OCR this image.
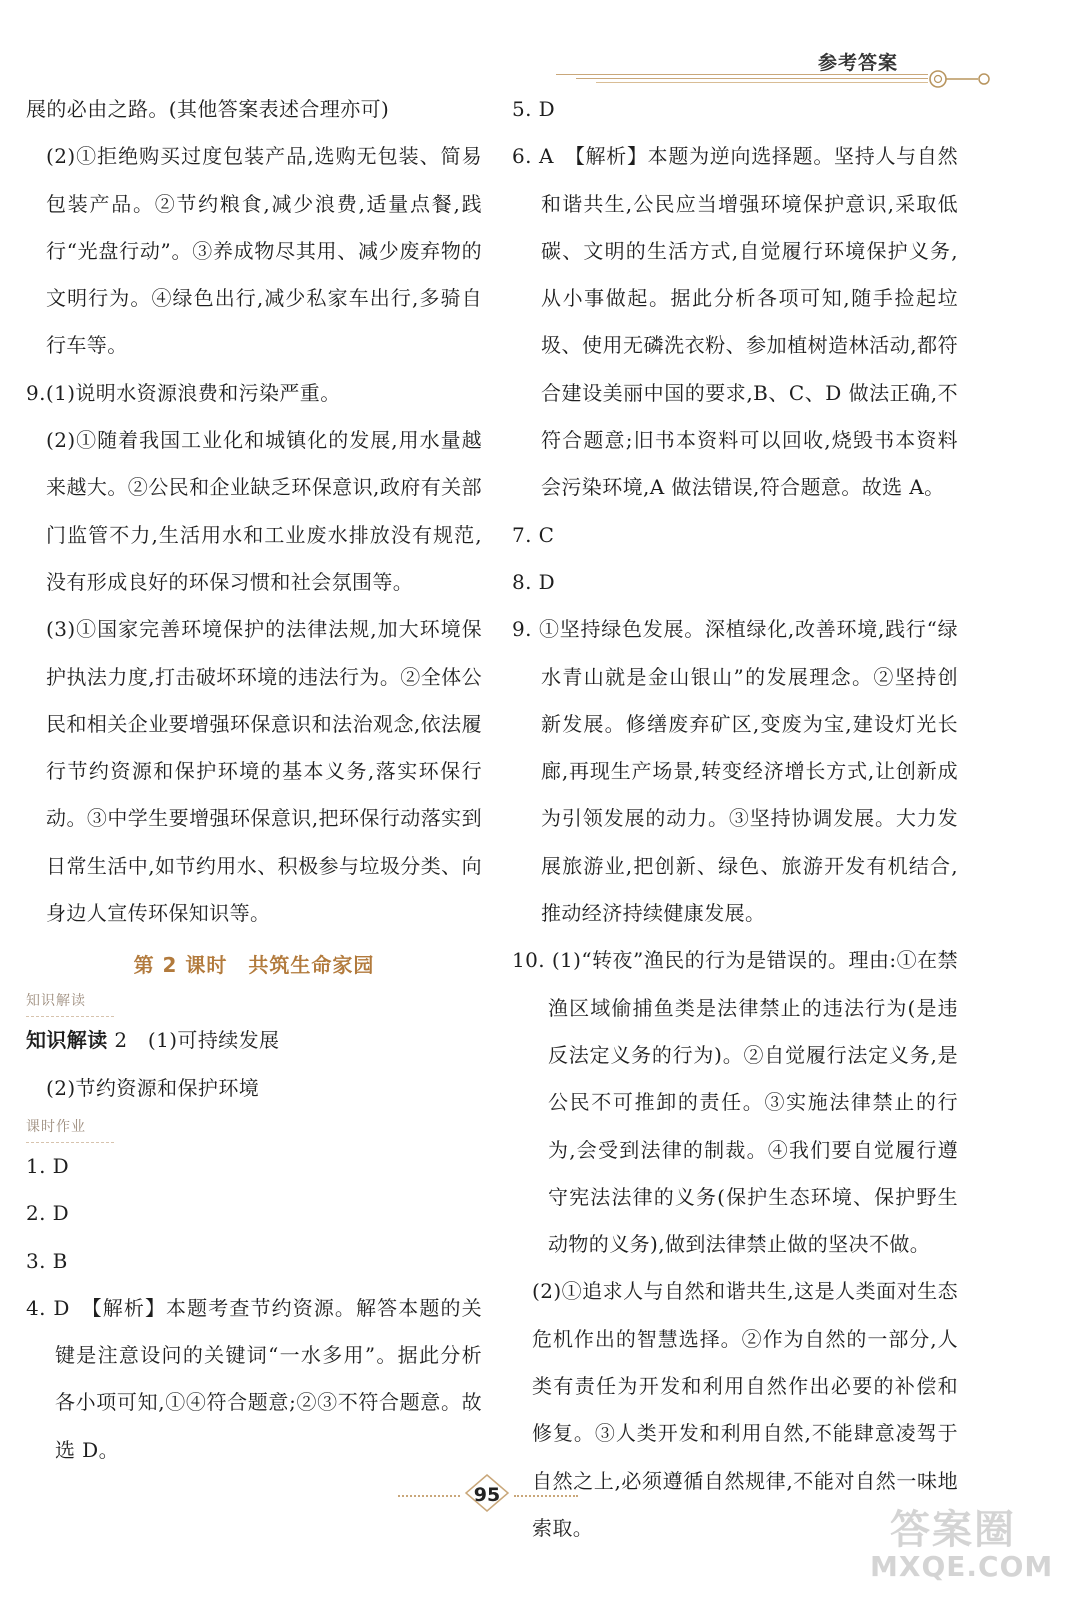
参考答案

展的必由之路。(其他答案表述合理亦可)

(2)①拒绝购买过度包装产品,选购无包装、简易包装产品。②节约粮食,减少浪费,适量点餐,践行“光盘行动”。③养成物尽其用、减少废弃物的文明行为。④绿色出行,减少私家车出行,多骑自行车等。

9.(1)说明水资源浪费和污染严重。

(2)①随着我国工业化和城镇化的发展,用水量越来越大。②公民和企业缺乏环保意识,政府有关部门监管不力,生活用水和工业废水排放没有规范,没有形成良好的环保习惯和社会氛围等。

(3)①国家完善环境保护的法律法规,加大环境保护执法力度,打击破坏环境的违法行为。②全体公民和相关企业要增强环保意识和法治观念,依法履行节约资源和保护环境的基本义务,落实环保行动。③中学生要增强环保意识,把环保行动落实到日常生活中,如节约用水、积极参与垃圾分类、向身边人宣传环保知识等。

第 2 课时　共筑生命家园

知识解读

知识解读 2　(1)可持续发展

(2)节约资源和保护环境

课时作业

1. D

2. D

3. B

4. D　【解析】本题考查节约资源。解答本题的关键是注意设问的关键词“一水多用”。据此分析各小项可知,①④符合题意;②③不符合题意。故选 D。

5. D

6. A　【解析】本题为逆向选择题。坚持人与自然和谐共生,公民应当增强环境保护意识,采取低碳、文明的生活方式,自觉履行环境保护义务,从小事做起。据此分析各项可知,随手捡起垃圾、使用无磷洗衣粉、参加植树造林活动,都符合建设美丽中国的要求,B、C、D 做法正确,不符合题意;旧书本资料可以回收,烧毁书本资料会污染环境,A 做法错误,符合题意。故选 A。

7. C

8. D

9. ①坚持绿色发展。深植绿化,改善环境,践行“绿水青山就是金山银山”的发展理念。②坚持创新发展。修缮废弃矿区,变废为宝,建设灯光长廊,再现生产场景,转变经济增长方式,让创新成为引领发展的动力。③坚持协调发展。大力发展旅游业,把创新、绿色、旅游开发有机结合,推动经济持续健康发展。

10. (1)“转夜”渔民的行为是错误的。理由:①在禁渔区域偷捕鱼类是法律禁止的违法行为(是违反法定义务的行为)。②自觉履行法定义务,是公民不可推卸的责任。③实施法律禁止的行为,会受到法律的制裁。④我们要自觉履行遵守宪法法律的义务(保护生态环境、保护野生动物的义务),做到法律禁止做的坚决不做。

(2)①追求人与自然和谐共生,这是人类面对生态危机作出的智慧选择。②作为自然的一部分,人类有责任为开发和利用自然作出必要的补偿和修复。③人类开发和利用自然,不能肆意凌驾于自然之上,必须遵循自然规律,不能对自然一味地索取。

95
答案圈
MXQE.COM
